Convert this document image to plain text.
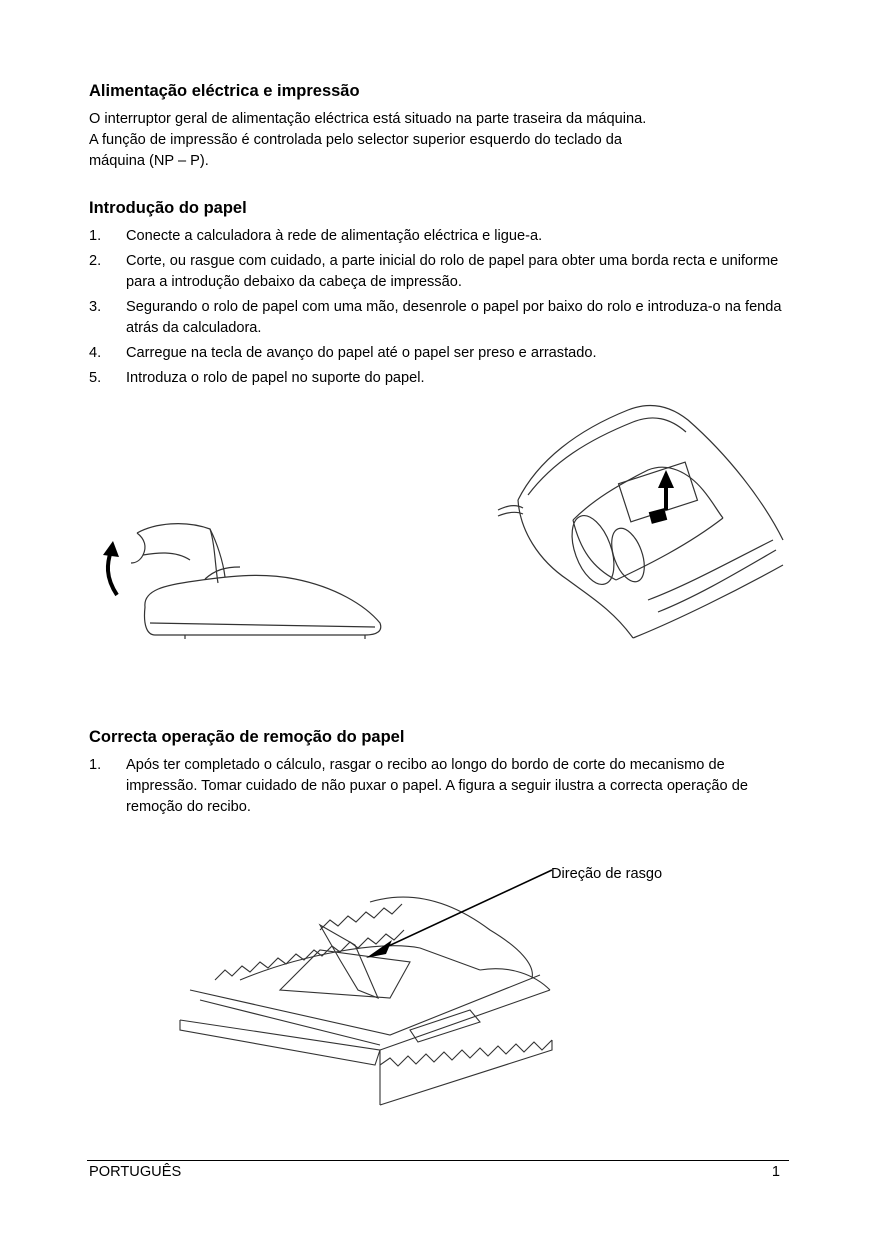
Alimentação eléctrica e impressão
O interruptor geral de alimentação eléctrica está situado na parte traseira da máquina.
A função de impressão é controlada pelo selector superior esquerdo do teclado da
máquina (NP – P).
Introdução do papel
1. Conecte a calculadora à rede de alimentação eléctrica e ligue-a.
2. Corte, ou rasgue com cuidado, a parte inicial do rolo de papel para obter uma borda recta e uniforme para a introdução debaixo da cabeça de impressão.
3. Segurando o rolo de papel com uma mão, desenrole o papel por baixo do rolo e introduza-o na fenda atrás da calculadora.
4. Carregue na tecla de avanço do papel até o papel ser preso e arrastado.
5. Introduza o rolo de papel no suporte do papel.
Correcta operação de remoção do papel
1. Após ter completado o cálculo, rasgar o recibo ao longo do bordo de corte do mecanismo de impressão. Tomar cuidado de não puxar o papel. A figura a seguir ilustra a correcta operação de remoção do recibo.
Direção de rasgo
PORTUGUÊS	1
